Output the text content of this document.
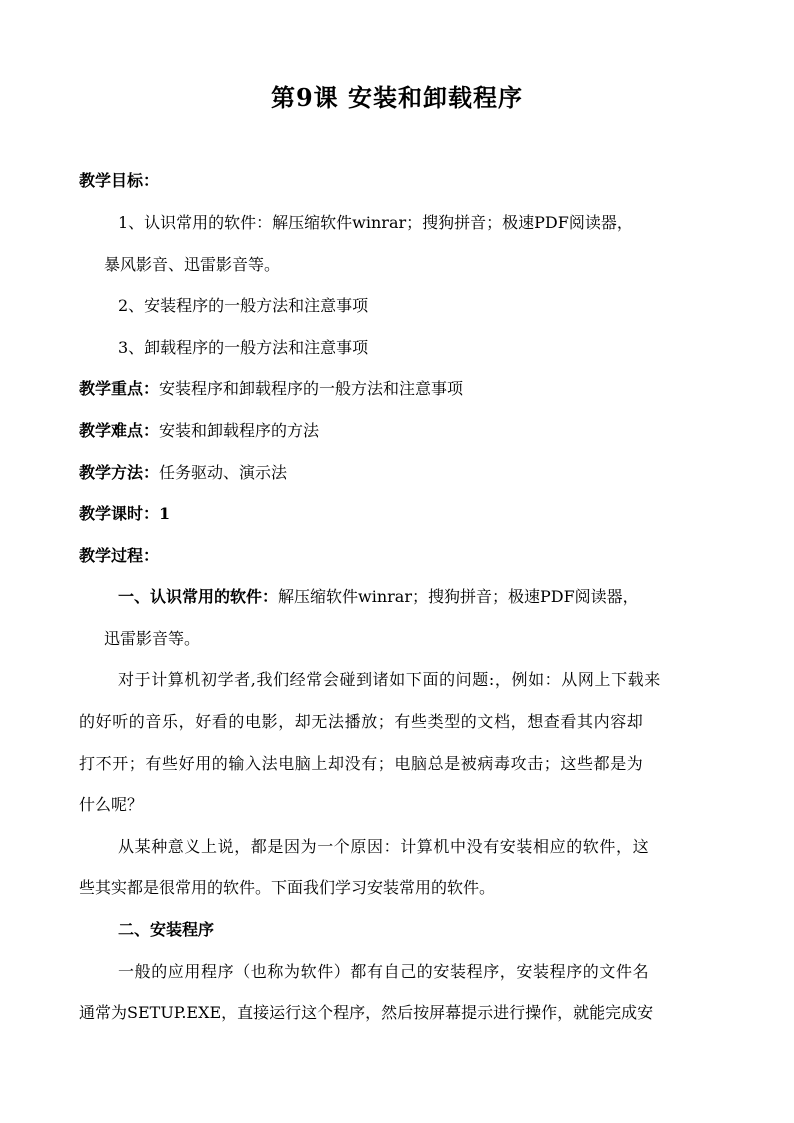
第9课 安装和卸载程序
教学目标：
1、认识常用的软件：解压缩软件winrar；搜狗拼音；极速PDF阅读器，
暴风影音、迅雷影音等。
2、安装程序的一般方法和注意事项
3、卸载程序的一般方法和注意事项
教学重点：安装程序和卸载程序的一般方法和注意事项
教学难点：安装和卸载程序的方法
教学方法：任务驱动、演示法
教学课时：1
教学过程：
一、认识常用的软件：解压缩软件winrar；搜狗拼音；极速PDF阅读器，
迅雷影音等。
对于计算机初学者,我们经常会碰到诸如下面的问题:，例如：从网上下载来
的好听的音乐，好看的电影，却无法播放；有些类型的文档，想查看其内容却
打不开；有些好用的输入法电脑上却没有；电脑总是被病毒攻击；这些都是为
什么呢？
从某种意义上说，都是因为一个原因：计算机中没有安装相应的软件，这
些其实都是很常用的软件。下面我们学习安装常用的软件。
二、安装程序
一般的应用程序（也称为软件）都有自己的安装程序，安装程序的文件名
通常为SETUP.EXE，直接运行这个程序，然后按屏幕提示进行操作，就能完成安
